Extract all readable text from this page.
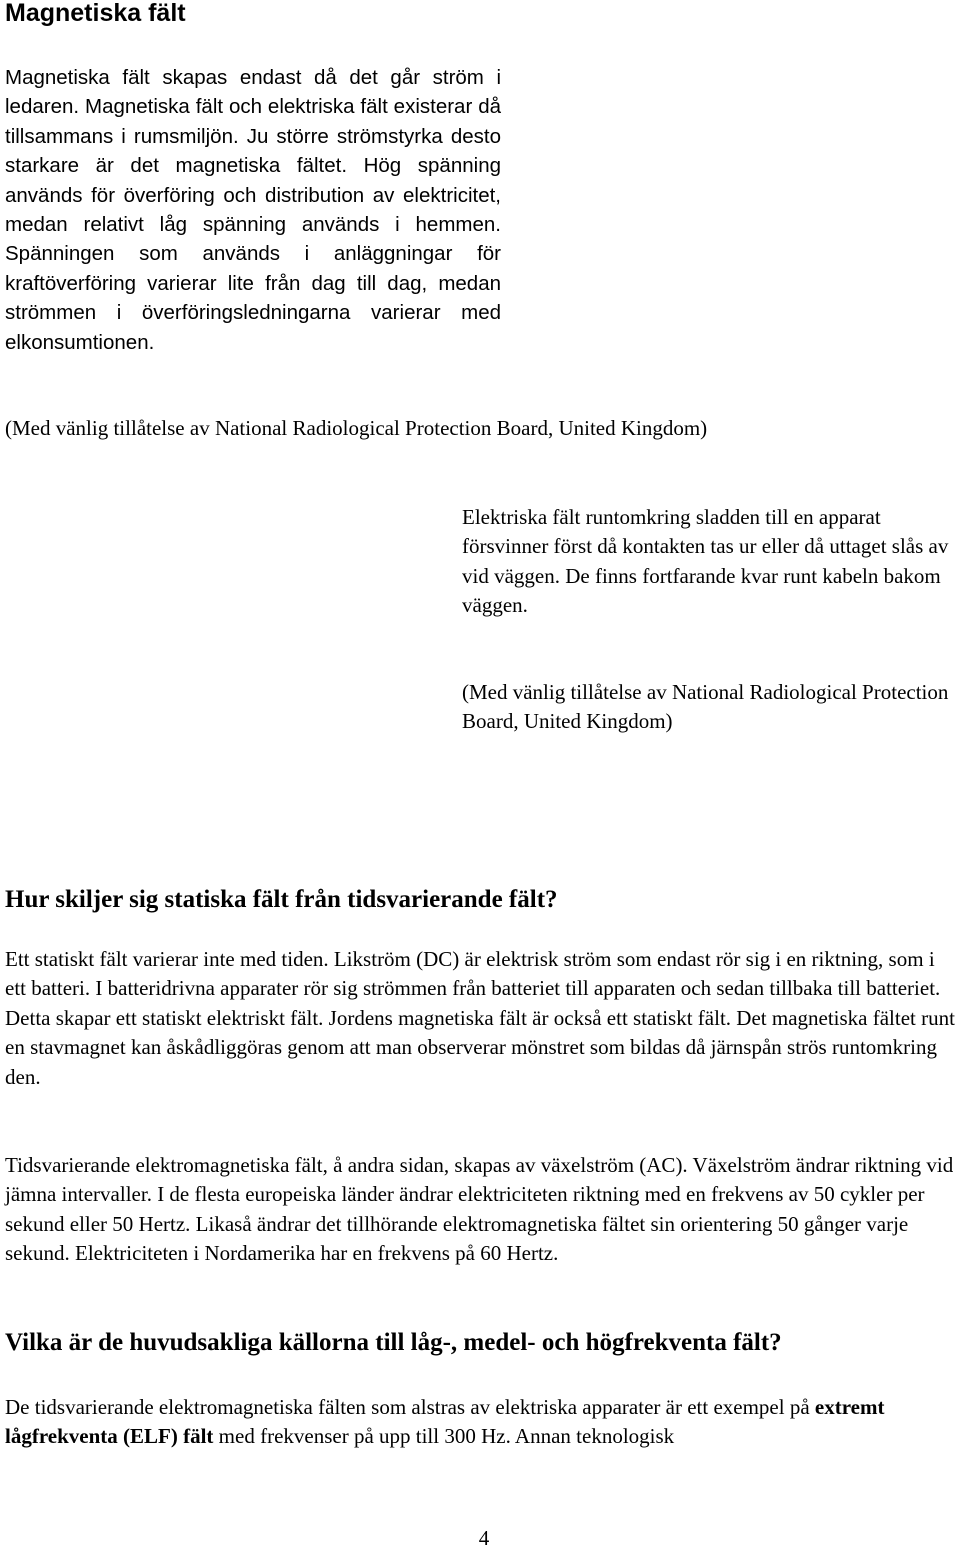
Magnetiska fält

Magnetiska fält skapas endast då det går ström i ledaren. Magnetiska fält och elektriska fält existerar då tillsammans i rumsmiljön. Ju större strömstyrka desto starkare är det magnetiska fältet. Hög spänning används för överföring och distribution av elektricitet, medan relativt låg spänning används i hemmen. Spänningen som används i anläggningar för kraftöverföring varierar lite från dag till dag, medan strömmen i överföringsledningarna varierar med elkonsumtionen.

(Med vänlig tillåtelse av National Radiological Protection Board, United Kingdom)

Elektriska fält runtomkring sladden till en apparat försvinner först då kontakten tas ur eller då uttaget slås av vid väggen. De finns fortfarande kvar runt kabeln bakom väggen.

(Med vänlig tillåtelse av National Radiological Protection Board, United Kingdom)

Hur skiljer sig statiska fält från tidsvarierande fält?

Ett statiskt fält varierar inte med tiden. Likström (DC) är elektrisk ström som endast rör sig i en riktning, som i ett batteri. I batteridrivna apparater rör sig strömmen från batteriet till apparaten och sedan tillbaka till batteriet. Detta skapar ett statiskt elektriskt fält. Jordens magnetiska fält är också ett statiskt fält. Det magnetiska fältet runt en stavmagnet kan åskådliggöras genom att man observerar mönstret som bildas då järnspån strös runtomkring den.

Tidsvarierande elektromagnetiska fält, å andra sidan, skapas av växelström (AC). Växelström ändrar riktning vid jämna intervaller. I de flesta europeiska länder ändrar elektriciteten riktning med en frekvens av 50 cykler per sekund eller 50 Hertz. Likaså ändrar det tillhörande elektromagnetiska fältet sin orientering 50 gånger varje sekund. Elektriciteten i Nordamerika har en frekvens på 60 Hertz.

Vilka är de huvudsakliga källorna till låg-, medel- och högfrekventa fält?

De tidsvarierande elektromagnetiska fälten som alstras av elektriska apparater är ett exempel på extremt lågfrekventa (ELF) fält med frekvenser på upp till 300 Hz. Annan teknologisk

4
